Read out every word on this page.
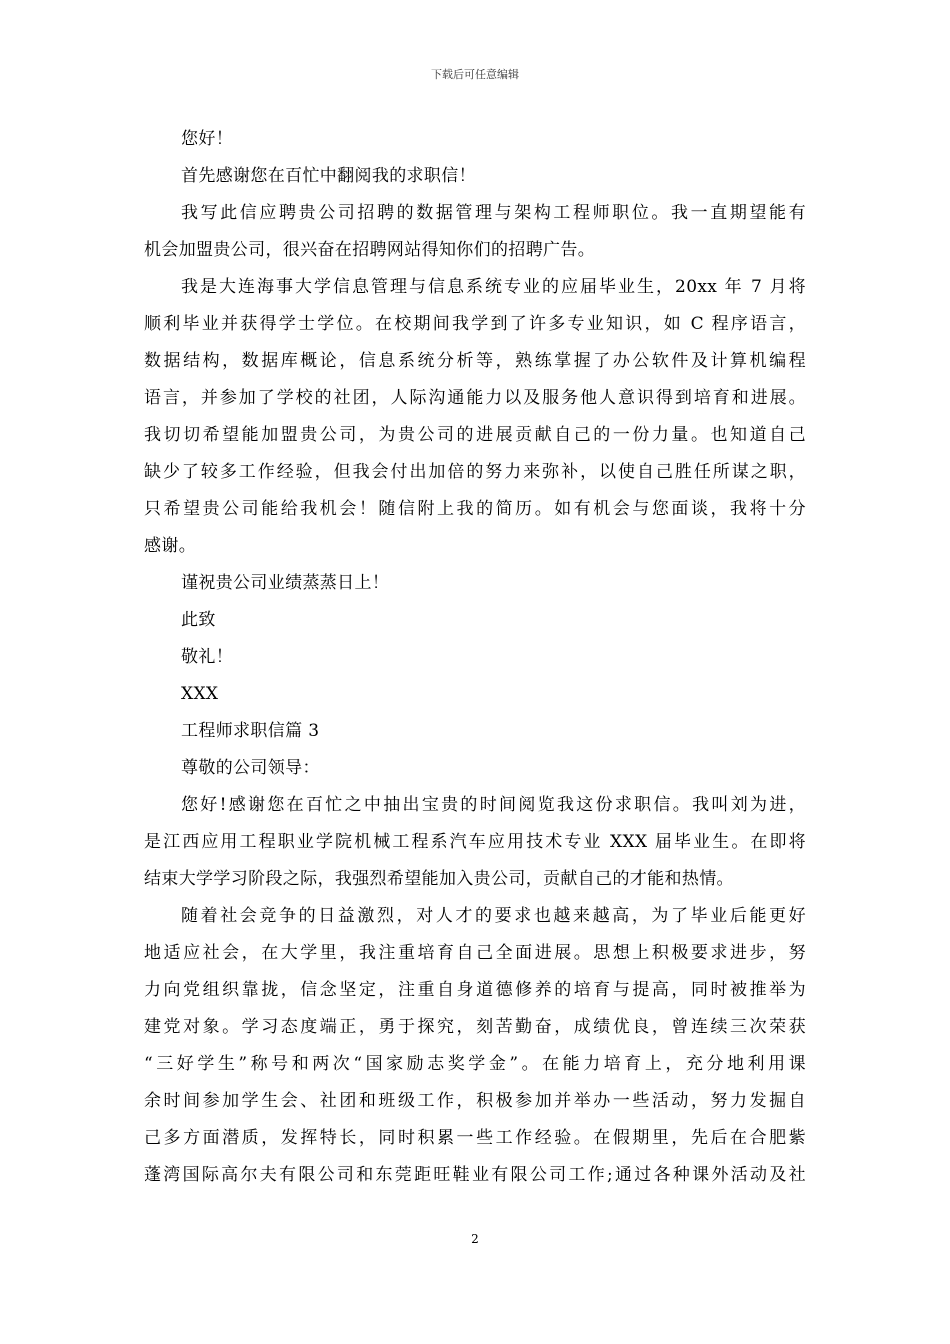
下载后可任意编辑
您好！
首先感谢您在百忙中翻阅我的求职信！
我写此信应聘贵公司招聘的数据管理与架构工程师职位。我一直期望能有
机会加盟贵公司，很兴奋在招聘网站得知你们的招聘广告。
我是大连海事大学信息管理与信息系统专业的应届毕业生，20xx 年 7 月将
顺利毕业并获得学士学位。在校期间我学到了许多专业知识，如 C 程序语言，
数据结构，数据库概论，信息系统分析等，熟练掌握了办公软件及计算机编程
语言，并参加了学校的社团，人际沟通能力以及服务他人意识得到培育和进展。
我切切希望能加盟贵公司，为贵公司的进展贡献自己的一份力量。也知道自己
缺少了较多工作经验，但我会付出加倍的努力来弥补，以使自己胜任所谋之职，
只希望贵公司能给我机会！随信附上我的简历。如有机会与您面谈，我将十分
感谢。
谨祝贵公司业绩蒸蒸日上！
此致
敬礼！
XXX
工程师求职信篇 3
尊敬的公司领导：
您好!感谢您在百忙之中抽出宝贵的时间阅览我这份求职信。我叫刘为进，
是江西应用工程职业学院机械工程系汽车应用技术专业 XXX 届毕业生。在即将
结束大学学习阶段之际，我强烈希望能加入贵公司，贡献自己的才能和热情。
随着社会竞争的日益激烈，对人才的要求也越来越高，为了毕业后能更好
地适应社会，在大学里，我注重培育自己全面进展。思想上积极要求进步，努
力向党组织靠拢，信念坚定，注重自身道德修养的培育与提高，同时被推举为
建党对象。学习态度端正，勇于探究，刻苦勤奋，成绩优良，曾连续三次荣获
“三好学生”称号和两次“国家励志奖学金”。在能力培育上，充分地利用课
余时间参加学生会、社团和班级工作，积极参加并举办一些活动，努力发掘自
己多方面潜质，发挥特长，同时积累一些工作经验。在假期里，先后在合肥紫
蓬湾国际高尔夫有限公司和东莞距旺鞋业有限公司工作;通过各种课外活动及社
2
